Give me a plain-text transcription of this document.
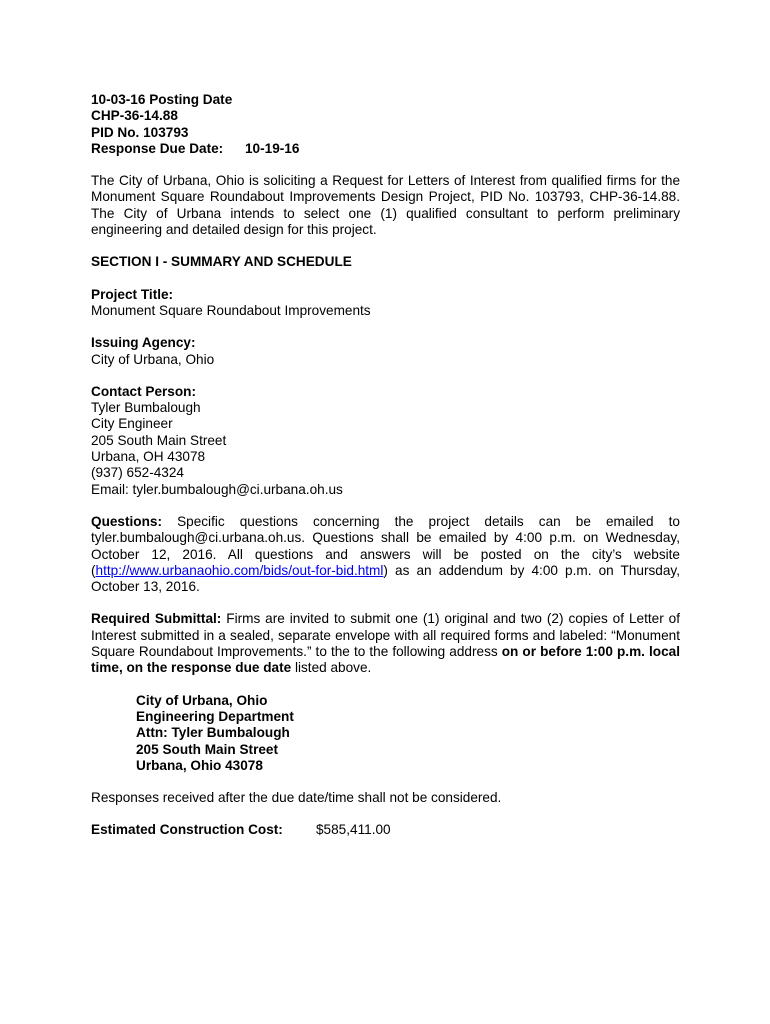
10-03-16 Posting Date
CHP-36-14.88
PID No. 103793
Response Due Date: 10-19-16

The City of Urbana, Ohio is soliciting a Request for Letters of Interest from qualified firms for the Monument Square Roundabout Improvements Design Project, PID No. 103793, CHP-36-14.88. The City of Urbana intends to select one (1) qualified consultant to perform preliminary engineering and detailed design for this project.

SECTION I - SUMMARY AND SCHEDULE

Project Title:
Monument Square Roundabout Improvements
Issuing Agency:
City of Urbana, Ohio
Contact Person:
Tyler Bumbalough
City Engineer
205 South Main Street
Urbana, OH 43078
(937) 652-4324
Email: tyler.bumbalough@ci.urbana.oh.us

Questions: Specific questions concerning the project details can be emailed to tyler.bumbalough@ci.urbana.oh.us. Questions shall be emailed by 4:00 p.m. on Wednesday, October 12, 2016. All questions and answers will be posted on the city’s website (http://www.urbanaohio.com/bids/out-for-bid.html) as an addendum by 4:00 p.m. on Thursday, October 13, 2016.

Required Submittal: Firms are invited to submit one (1) original and two (2) copies of Letter of Interest submitted in a sealed, separate envelope with all required forms and labeled: “Monument Square Roundabout Improvements.” to the to the following address on or before 1:00 p.m. local time, on the response due date listed above.

City of Urbana, Ohio
Engineering Department
Attn: Tyler Bumbalough
205 South Main Street
Urbana, Ohio 43078

Responses received after the due date/time shall not be considered.

Estimated Construction Cost: $585,411.00
